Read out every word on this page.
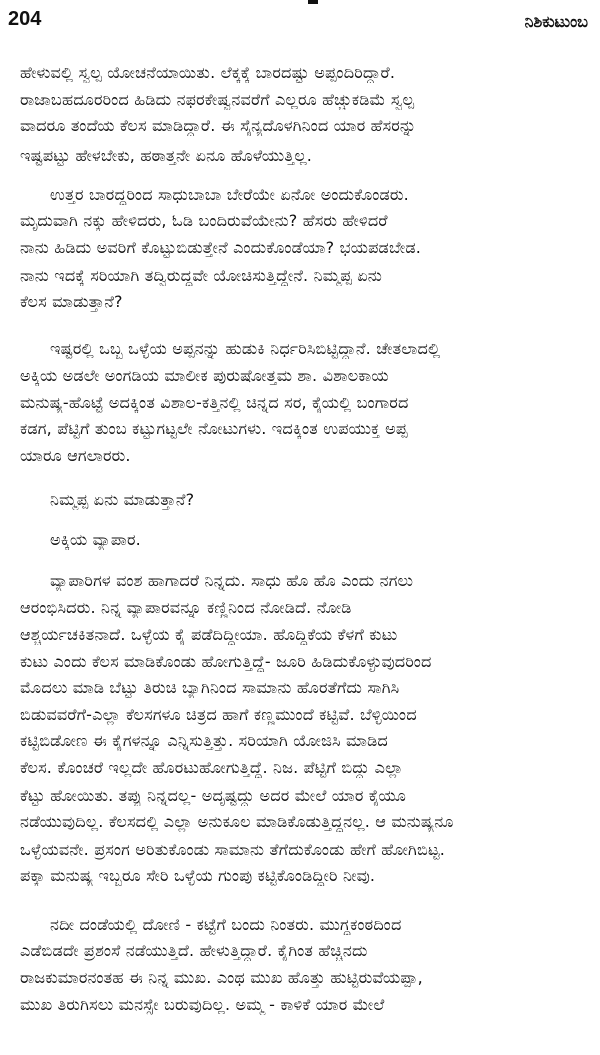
204	ನಿಶಿಕುಟುಂಬ
ಹೇಳುವಲ್ಲಿ ಸ್ವಲ್ಪ ಯೋಚನೆಯಾಯಿತು. ಲೆಕ್ಕಕ್ಕೆ ಬಾರದಷ್ಟು ಅಪ್ಪಂದಿರಿದ್ದಾರೆ.
ರಾಜಾಬಹದೂರರಿಂದ ಹಿಡಿದು ನಫರಕೇಷ್ವನವರೆಗೆ ಎಲ್ಲರೂ ಹೆಚ್ಚುಕಡಿಮೆ ಸ್ವಲ್ಪ
ವಾದರೂ ತಂದೆಯ ಕೆಲಸ ಮಾಡಿದ್ದಾರೆ. ಈ ಸೈನ್ಯದೊಳಗಿನಿಂದ ಯಾರ ಹೆಸರನ್ನು
ಇಷ್ಟಪಟ್ಟು ಹೇಳಬೇಕು, ಹಠಾತ್ತನೇ ಏನೂ ಹೊಳೆಯುತ್ತಿಲ್ಲ.
ಉತ್ತರ ಬಾರದ್ದರಿಂದ ಸಾಧುಬಾಬಾ ಬೇರೆಯೇ ಏನೋ ಅಂದುಕೊಂಡರು.
ಮೃದುವಾಗಿ ನಕ್ಕು ಹೇಳಿದರು, ಓಡಿ ಬಂದಿರುವೆಯೇನು? ಹೆಸರು ಹೇಳಿದರೆ
ನಾನು ಹಿಡಿದು ಅವರಿಗೆ ಕೊಟ್ಟುಬಿಡುತ್ತೇನೆ ಎಂದುಕೊಂಡೆಯಾ? ಭಯಪಡಬೇಡ.
ನಾನು ಇದಕ್ಕೆ ಸರಿಯಾಗಿ ತದ್ವಿರುದ್ಧವೇ ಯೋಚಿಸುತ್ತಿದ್ದೇನೆ. ನಿಮ್ಮಪ್ಪ ಏನು
ಕೆಲಸ ಮಾಡುತ್ತಾನೆ?
ಇಷ್ಟರಲ್ಲಿ ಒಬ್ಬ ಒಳ್ಳೆಯ ಅಪ್ಪನನ್ನು ಹುಡುಕಿ ನಿರ್ಧರಿಸಿಬಿಟ್ಟಿದ್ದಾನೆ. ಚೇತಲಾದಲ್ಲಿ
ಅಕ್ಕಿಯ ಅಡಲೇ ಅಂಗಡಿಯ ಮಾಲೀಕ ಪುರುಷೋತ್ತಮ ಶಾ. ವಿಶಾಲಕಾಯ
ಮನುಷ್ಯ-ಹೊಟ್ಟೆ ಅದಕ್ಕಿಂತ ವಿಶಾಲ-ಕತ್ತಿನಲ್ಲಿ ಚಿನ್ನದ ಸರ, ಕೈಯಲ್ಲಿ ಬಂಗಾರದ
ಕಡಗ, ಪೆಟ್ಟಿಗೆ ತುಂಬ ಕಟ್ಟುಗಟ್ಟಲೇ ನೋಟುಗಳು. ಇದಕ್ಕಿಂತ ಉಪಯುಕ್ತ ಅಪ್ಪ
ಯಾರೂ ಆಗಲಾರರು.
ನಿಮ್ಮಪ್ಪ ಏನು ಮಾಡುತ್ತಾನೆ?
ಅಕ್ಕಿಯ ವ್ಯಾಪಾರ.
ವ್ಯಾಪಾರಿಗಳ ವಂಶ ಹಾಗಾದರೆ ನಿನ್ನದು. ಸಾಧು ಹೊ ಹೊ ಎಂದು ನಗಲು
ಆರಂಭಿಸಿದರು. ನಿನ್ನ ವ್ಯಾಪಾರವನ್ನೂ ಕಣ್ಣಿನಿಂದ ನೋಡಿದೆ. ನೋಡಿ
ಆಶ್ಚರ್ಯಚಕಿತನಾದೆ. ಒಳ್ಳೆಯ ಕೈ ಪಡೆದಿದ್ದೀಯಾ. ಹೊದ್ದಿಕೆಯ ಕೆಳಗೆ ಕುಟು
ಕುಟು ಎಂದು ಕೆಲಸ ಮಾಡಿಕೊಂಡು ಹೋಗುತ್ತಿದ್ದೆ- ಜೂರಿ ಹಿಡಿದುಕೊಳ್ಳುವುದರಿಂದ
ಮೊದಲು ಮಾಡಿ ಬೆಟ್ಟು ತಿರುಚಿ ಬ್ಯಾಗಿನಿಂದ ಸಾಮಾನು ಹೊರತೆಗೆದು ಸಾಗಿಸಿ
ಬಿಡುವವರೆಗೆ-ಎಲ್ಲಾ ಕೆಲಸಗಳೂ ಚಿತ್ರದ ಹಾಗೆ ಕಣ್ಣಮುಂದೆ ಕಟ್ಟಿವೆ. ಬೆಳ್ಳಿಯಿಂದ
ಕಟ್ಟಿಬಿಡೋಣ ಈ ಕೈಗಳನ್ನೂ ಎನ್ನಿಸುತ್ತಿತ್ತು. ಸರಿಯಾಗಿ ಯೋಜಿಸಿ ಮಾಡಿದ
ಕೆಲಸ. ಕೊಂಚರೆ ಇಲ್ಲದೇ ಹೊರಟುಹೋಗುತ್ತಿದ್ದೆ. ನಿಜ. ಪೆಟ್ಟಿಗೆ ಬಿದ್ದು ಎಲ್ಲಾ
ಕೆಟ್ಟು ಹೋಯಿತು. ತಪ್ಪು ನಿನ್ನದಲ್ಲ- ಅದೃಷ್ಟದ್ದು ಅದರ ಮೇಲೆ ಯಾರ ಕೈಯೂ
ನಡೆಯುವುದಿಲ್ಲ. ಕೆಲಸದಲ್ಲಿ ಎಲ್ಲಾ ಅನುಕೂಲ ಮಾಡಿಕೊಡುತ್ತಿದ್ದನಲ್ಲ. ಆ ಮನುಷ್ಯನೂ
ಒಳ್ಳೆಯವನೇ. ಪ್ರಸಂಗ ಅರಿತುಕೊಂಡು ಸಾಮಾನು ತೆಗೆದುಕೊಂಡು ಹೇಗೆ ಹೋಗಿಬಿಟ್ಟ.
ಪಕ್ಕಾ ಮನುಷ್ಯ ಇಬ್ಬರೂ ಸೇರಿ ಒಳ್ಳೆಯ ಗುಂಪು ಕಟ್ಟಿಕೊಂಡಿದ್ದೀರಿ ನೀವು.
ನದೀ ದಂಡೆಯಲ್ಲಿ ದೋಣಿ - ಕಟ್ಟೆಗೆ ಬಂದು ನಿಂತರು. ಮುಗ್ಧಕಂಠದಿಂದ
ಎಡೆಬಿಡದೇ ಪ್ರಶಂಸೆ ನಡೆಯುತ್ತಿದೆ. ಹೇಳುತ್ತಿದ್ದಾರೆ. ಕೈಗಿಂತ ಹೆಚ್ಚಿನದು
ರಾಜಕುಮಾರನಂತಹ ಈ ನಿನ್ನ ಮುಖ. ಎಂಥ ಮುಖ ಹೊತ್ತು ಹುಟ್ಟಿರುವೆಯಪ್ಪಾ,
ಮುಖ ತಿರುಗಿಸಲು ಮನಸ್ಸೇ ಬರುವುದಿಲ್ಲ. ಅಮ್ಮ - ಕಾಳಿಕೆ ಯಾರ ಮೇಲೆ
